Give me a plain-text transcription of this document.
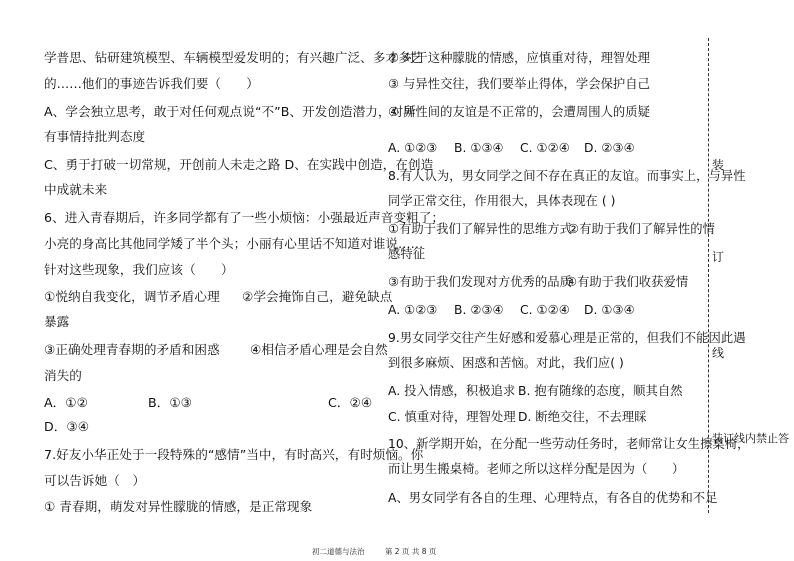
学普思、钻研建筑模型、车辆模型爱发明的；有兴趣广泛、多才多艺
的……他们的事迹告诉我们要（　　）
A、学会独立思考，敢于对任何观点说“不”B、开发创造潜力，对所
有事情持批判态度
C、勇于打破一切常规，开创前人未走之路 D、在实践中创造，在创造
中成就未来
6、进入青春期后，许多同学都有了一些小烦恼：小强最近声音变粗了；
小亮的身高比其他同学矮了半个头；小丽有心里话不知道对谁说……
针对这些现象，我们应该（　　）
①悦纳自我变化，调节矛盾心理 ②学会掩饰自己，避免缺点
暴露
③正确处理青春期的矛盾和困惑 ④相信矛盾心理是会自然
消失的
A．①②	B．①③	C．②④
D．③④
7.好友小华正处于一段特殊的“感情”当中，有时高兴，有时烦恼。你
可以告诉她（　）
① 青春期，萌发对异性朦胧的情感，是正常现象
② 对于这种朦胧的情感，应慎重对待，理智处理
③ 与异性交往，我们要举止得体，学会保护自己
④ 异性间的友谊是不正常的，会遭周围人的质疑
A. ①②③ B. ①③④ C. ①②④ D. ②③④
8.有人认为，男女同学之间不存在真正的友谊。而事实上，与异性
同学正常交往，作用很大，具体表现在 ( )
①有助于我们了解异性的思维方式
②有助于我们了解异性的情
感特征
③有助于我们发现对方优秀的品质
④有助于我们收获爱情
A. ①②③ B. ②③④ C. ①②④ D. ①③④
9.男女同学交往产生好感和爱慕心理是正常的，但我们不能因此遇
到很多麻烦、困惑和苦恼。对此，我们应( )
A. 投入情感，积极追求 B. 抱有随缘的态度，顺其自然
C. 慎重对待，理智处理 D. 断绝交往，不去理睬
10、新学期开始，在分配一些劳动任务时，老师常让女生擦桌椅，
而让男生搬桌椅。老师之所以这样分配是因为（　　）
A、男女同学有各自的生理、心理特点，有各自的优势和不足
装
订
线
装订线内禁止答
初二道德与法治	第 2 页 共 8 页
